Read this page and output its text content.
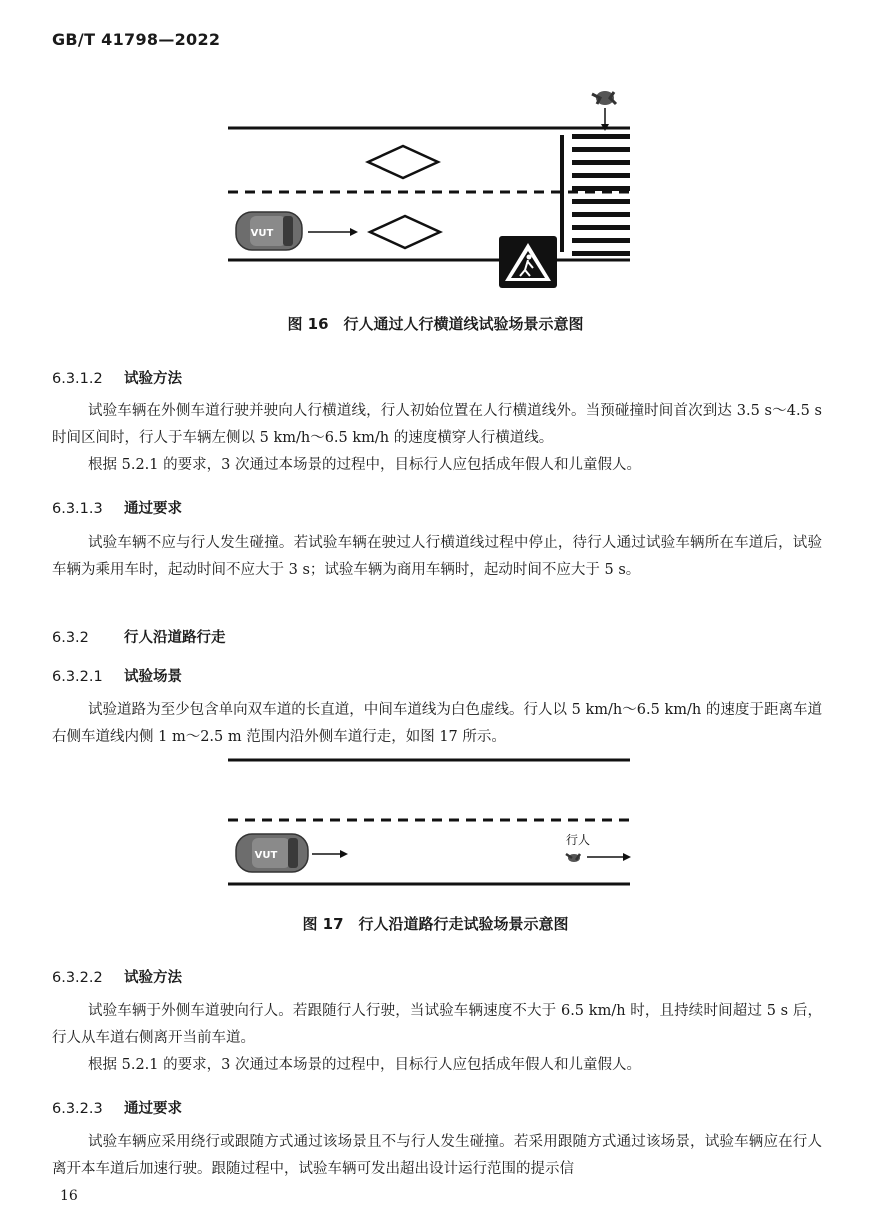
GB/T 41798—2022
VUT
图 16　行人通过人行横道线试验场景示意图
6.3.1.2 试验方法
试验车辆在外侧车道行驶并驶向人行横道线，行人初始位置在人行横道线外。当预碰撞时间首次到达 3.5 s～4.5 s 时间区间时，行人于车辆左侧以 5 km/h～6.5 km/h 的速度横穿人行横道线。
根据 5.2.1 的要求，3 次通过本场景的过程中，目标行人应包括成年假人和儿童假人。
6.3.1.3 通过要求
试验车辆不应与行人发生碰撞。若试验车辆在驶过人行横道线过程中停止，待行人通过试验车辆所在车道后，试验车辆为乘用车时，起动时间不应大于 3 s；试验车辆为商用车辆时，起动时间不应大于 5 s。
6.3.2 行人沿道路行走
6.3.2.1 试验场景
试验道路为至少包含单向双车道的长直道，中间车道线为白色虚线。行人以 5 km/h～6.5 km/h 的速度于距离车道右侧车道线内侧 1 m～2.5 m 范围内沿外侧车道行走，如图 17 所示。
VUT
行人
图 17　行人沿道路行走试验场景示意图
6.3.2.2 试验方法
试验车辆于外侧车道驶向行人。若跟随行人行驶，当试验车辆速度不大于 6.5 km/h 时，且持续时间超过 5 s 后，行人从车道右侧离开当前车道。
根据 5.2.1 的要求，3 次通过本场景的过程中，目标行人应包括成年假人和儿童假人。
6.3.2.3 通过要求
试验车辆应采用绕行或跟随方式通过该场景且不与行人发生碰撞。若采用跟随方式通过该场景，试验车辆应在行人离开本车道后加速行驶。跟随过程中，试验车辆可发出超出设计运行范围的提示信
16
